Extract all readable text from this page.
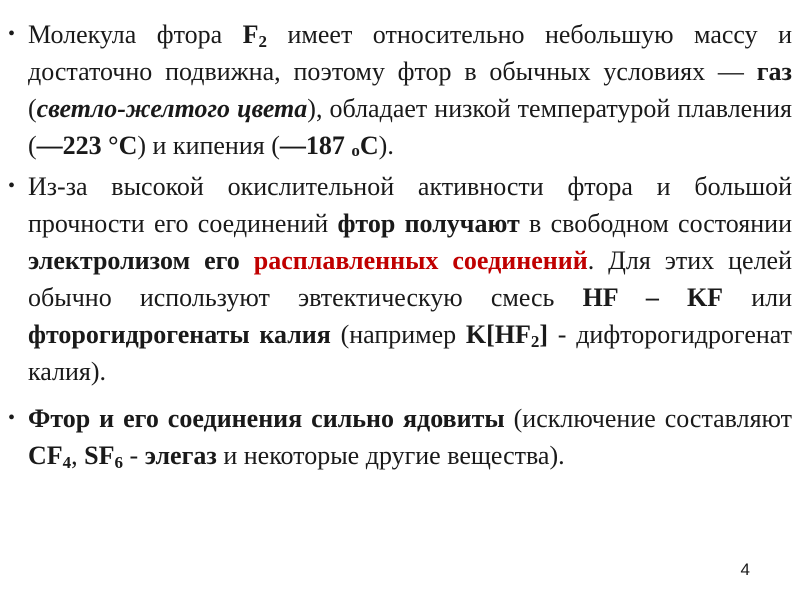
• Молекула фтора $F_2$ имеет относительно небольшую массу и достаточно подвижна, поэтому фтор в обычных условиях — газ (светло-желтого цвета), обладает низкой температурой плавления (—223 °С) и кипения (—187 оС).
• Из-за высокой окислительной активности фтора и большой прочности его соединений фтор получают в свободном состоянии электролизом его расплавленных соединений. Для этих целей обычно используют эвтектическую смесь HF – KF или фторогидрогенаты калия (например $K[HF_2]$ - дифторогидрогенат калия).
• Фтор и его соединения сильно ядовиты (исключение составляют $CF_4$, $SF_6$ - элегаз и некоторые другие вещества).
4
